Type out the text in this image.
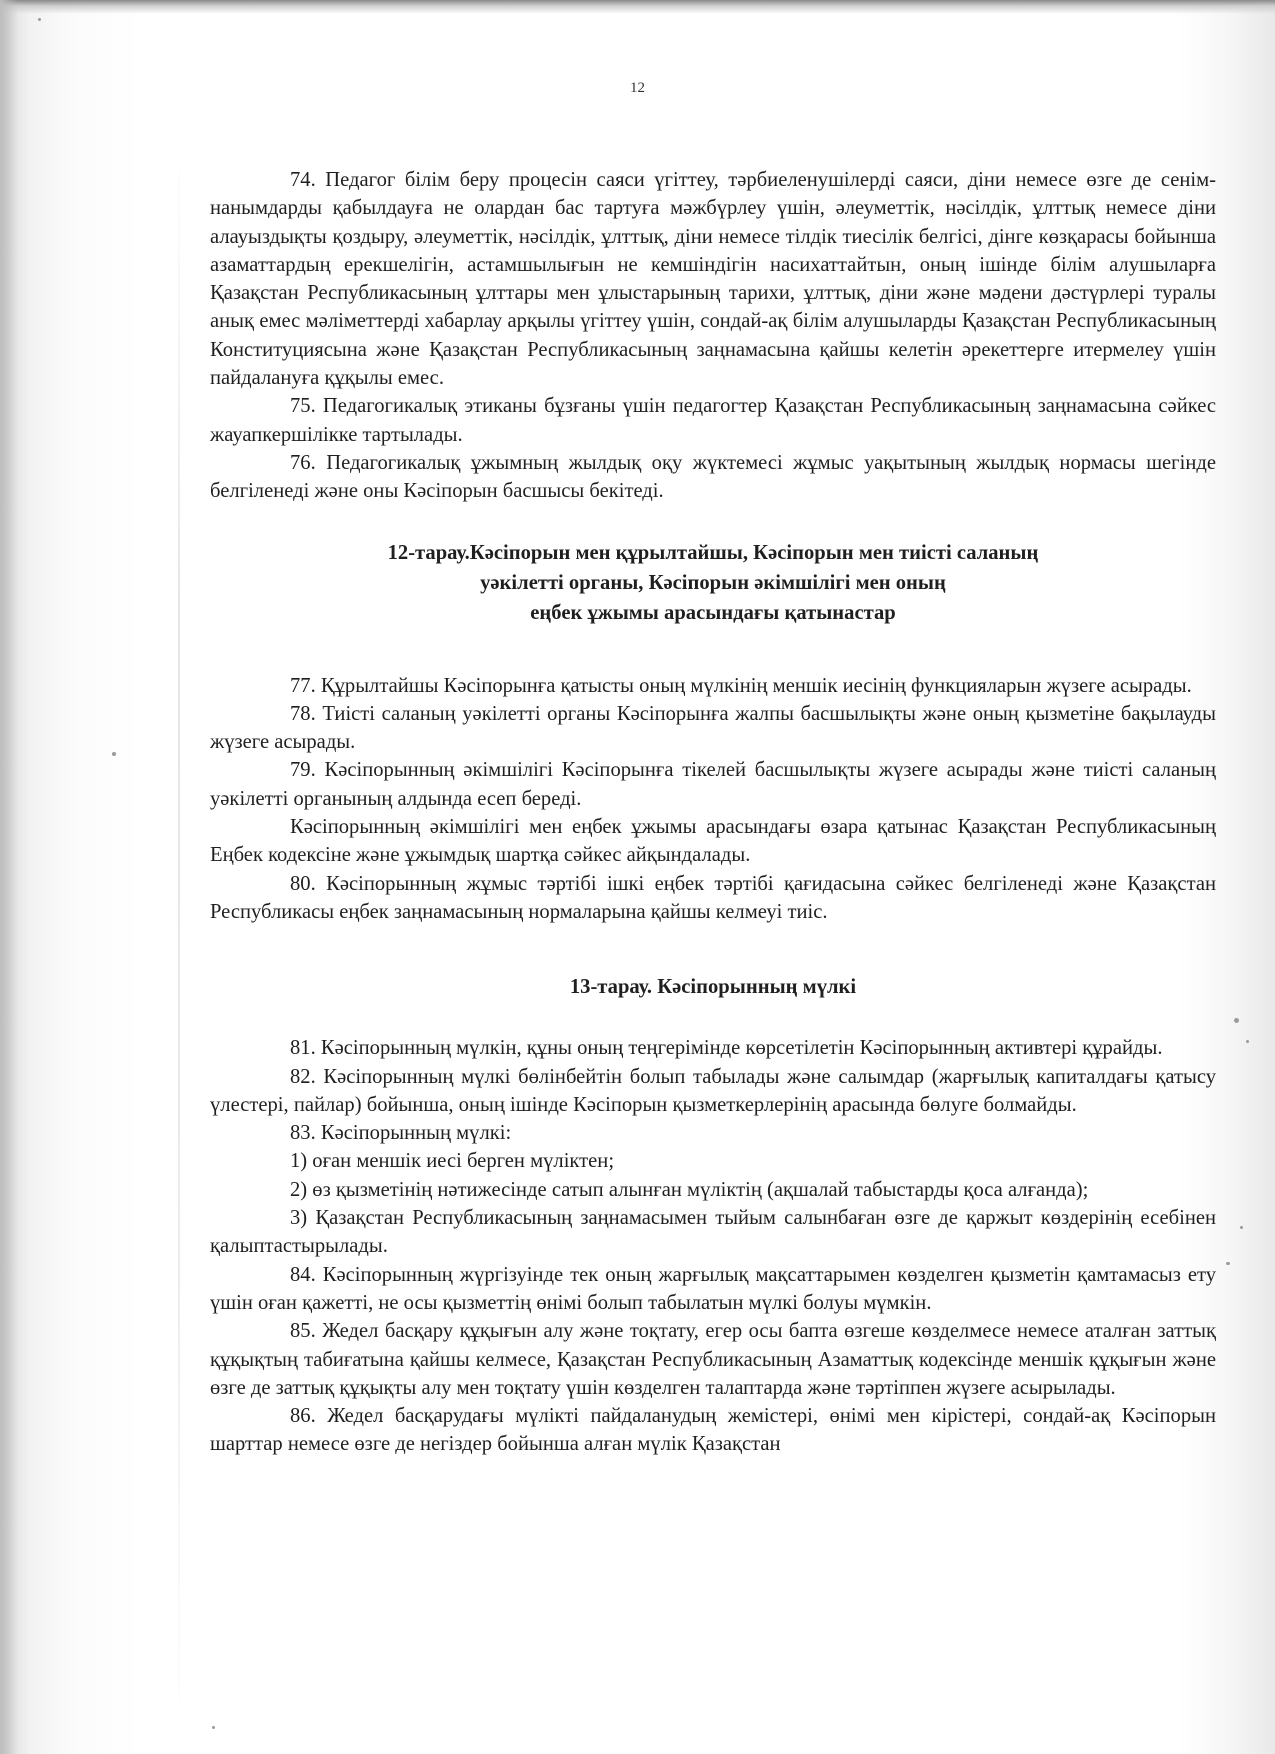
12

74. Педагог білім беру процесін саяси үгіттеу, тәрбиеленушілерді саяси, діни немесе өзге де сенім-нанымдарды қабылдауға не олардан бас тартуға мәжбүрлеу үшін, әлеуметтік, нәсілдік, ұлттық немесе діни алауыздықты қоздыру, әлеуметтік, нәсілдік, ұлттық, діни немесе тілдік тиесілік белгісі, дінге көзқарасы бойынша азаматтардың ерекшелігін, астамшылығын не кемшіндігін насихаттайтын, оның ішінде білім алушыларға Қазақстан Республикасының ұлттары мен ұлыстарының тарихи, ұлттық, діни және мәдени дәстүрлері туралы анық емес мәліметтерді хабарлау арқылы үгіттеу үшін, сондай-ақ білім алушыларды Қазақстан Республикасының Конституциясына және Қазақстан Республикасының заңнамасына қайшы келетін әрекеттерге итермелеу үшін пайдалануға құқылы емес.

75. Педагогикалық этиканы бұзғаны үшін педагогтер Қазақстан Республикасының заңнамасына сәйкес жауапкершілікке тартылады.

76. Педагогикалық ұжымның жылдық оқу жүктемесі жұмыс уақытының жылдық нормасы шегінде белгіленеді және оны Кәсіпорын басшысы бекітеді.

12-тарау.Кәсіпорын мен құрылтайшы, Кәсіпорын мен тиісті саланың
уәкілетті органы, Кәсіпорын әкімшілігі мен оның
еңбек ұжымы арасындағы қатынастар

77. Құрылтайшы Кәсіпорынға қатысты оның мүлкінің меншік иесінің функцияларын жүзеге асырады.

78. Тиісті саланың уәкілетті органы Кәсіпорынға жалпы басшылықты және оның қызметіне бақылауды жүзеге асырады.

79. Кәсіпорынның әкімшілігі Кәсіпорынға тікелей басшылықты жүзеге асырады және тиісті саланың уәкілетті органының алдында есеп береді.

Кәсіпорынның әкімшілігі мен еңбек ұжымы арасындағы өзара қатынас Қазақстан Республикасының Еңбек кодексіне және ұжымдық шартқа сәйкес айқындалады.

80. Кәсіпорынның жұмыс тәртібі ішкі еңбек тәртібі қағидасына сәйкес белгіленеді және Қазақстан Республикасы еңбек заңнамасының нормаларына қайшы келмеуі тиіс.

13-тарау. Кәсіпорынның мүлкі

81. Кәсіпорынның мүлкін, құны оның теңгерімінде көрсетілетін Кәсіпорынның активтері құрайды.

82. Кәсіпорынның мүлкі бөлінбейтін болып табылады және салымдар (жарғылық капиталдағы қатысу үлестері, пайлар) бойынша, оның ішінде Кәсіпорын қызметкерлерінің арасында бөлуге болмайды.

83. Кәсіпорынның мүлкі:

1) оған меншік иесі берген мүліктен;

2) өз қызметінің нәтижесінде сатып алынған мүліктің (ақшалай табыстарды қоса алғанда);

3) Қазақстан Республикасының заңнамасымен тыйым салынбаған өзге де қаржыт көздерінің есебінен қалыптастырылады.

84. Кәсіпорынның жүргізуінде тек оның жарғылық мақсаттарымен көзделген қызметін қамтамасыз ету үшін оған қажетті, не осы қызметтің өнімі болып табылатын мүлкі болуы мүмкін.

85. Жедел басқару құқығын алу және тоқтату, егер осы бапта өзгеше көзделмесе немесе аталған заттық құқықтың табиғатына қайшы келмесе, Қазақстан Республикасының Азаматтық кодексінде меншік құқығын және өзге де заттық құқықты алу мен тоқтату үшін көзделген талаптарда және тәртіппен жүзеге асырылады.

86. Жедел басқарудағы мүлікті пайдаланудың жемістері, өнімі мен кірістері, сондай-ақ Кәсіпорын шарттар немесе өзге де негіздер бойынша алған мүлік Қазақстан
